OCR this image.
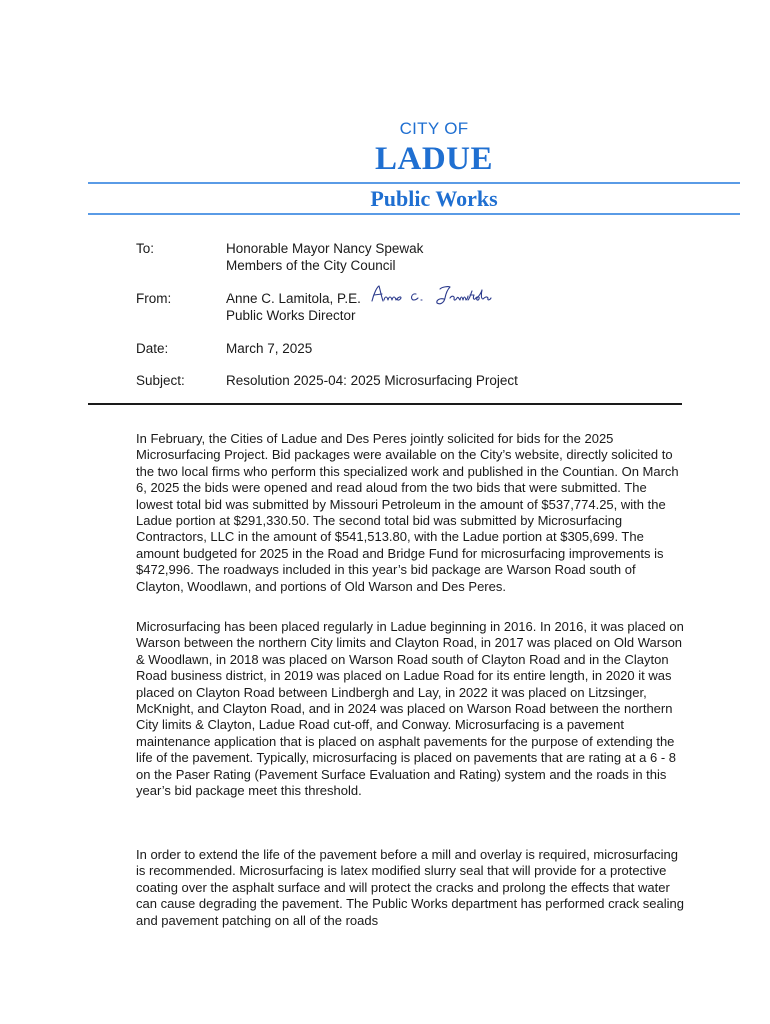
CITY OF
LADUE
Public Works
To:	Honorable Mayor Nancy Spewak
Members of the City Council
From:	Anne C. Lamitola, P.E.
Public Works Director
Date:	March 7, 2025
Subject:	Resolution 2025-04: 2025 Microsurfacing Project

In February, the Cities of Ladue and Des Peres jointly solicited for bids for the 2025 Microsurfacing Project. Bid packages were available on the City’s website, directly solicited to the two local firms who perform this specialized work and published in the Countian. On March 6, 2025 the bids were opened and read aloud from the two bids that were submitted. The lowest total bid was submitted by Missouri Petroleum in the amount of $537,774.25, with the Ladue portion at $291,330.50. The second total bid was submitted by Microsurfacing Contractors, LLC in the amount of $541,513.80, with the Ladue portion at $305,699. The amount budgeted for 2025 in the Road and Bridge Fund for microsurfacing improvements is $472,996. The roadways included in this year’s bid package are Warson Road south of Clayton, Woodlawn, and portions of Old Warson and Des Peres.

Microsurfacing has been placed regularly in Ladue beginning in 2016. In 2016, it was placed on Warson between the northern City limits and Clayton Road, in 2017 was placed on Old Warson & Woodlawn, in 2018 was placed on Warson Road south of Clayton Road and in the Clayton Road business district, in 2019 was placed on Ladue Road for its entire length, in 2020 it was placed on Clayton Road between Lindbergh and Lay, in 2022 it was placed on Litzsinger, McKnight, and Clayton Road, and in 2024 was placed on Warson Road between the northern City limits & Clayton, Ladue Road cut-off, and Conway. Microsurfacing is a pavement maintenance application that is placed on asphalt pavements for the purpose of extending the life of the pavement. Typically, microsurfacing is placed on pavements that are rating at a 6 - 8 on the Paser Rating (Pavement Surface Evaluation and Rating) system and the roads in this year’s bid package meet this threshold.

In order to extend the life of the pavement before a mill and overlay is required, microsurfacing is recommended. Microsurfacing is latex modified slurry seal that will provide for a protective coating over the asphalt surface and will protect the cracks and prolong the effects that water can cause degrading the pavement. The Public Works department has performed crack sealing and pavement patching on all of the roads
